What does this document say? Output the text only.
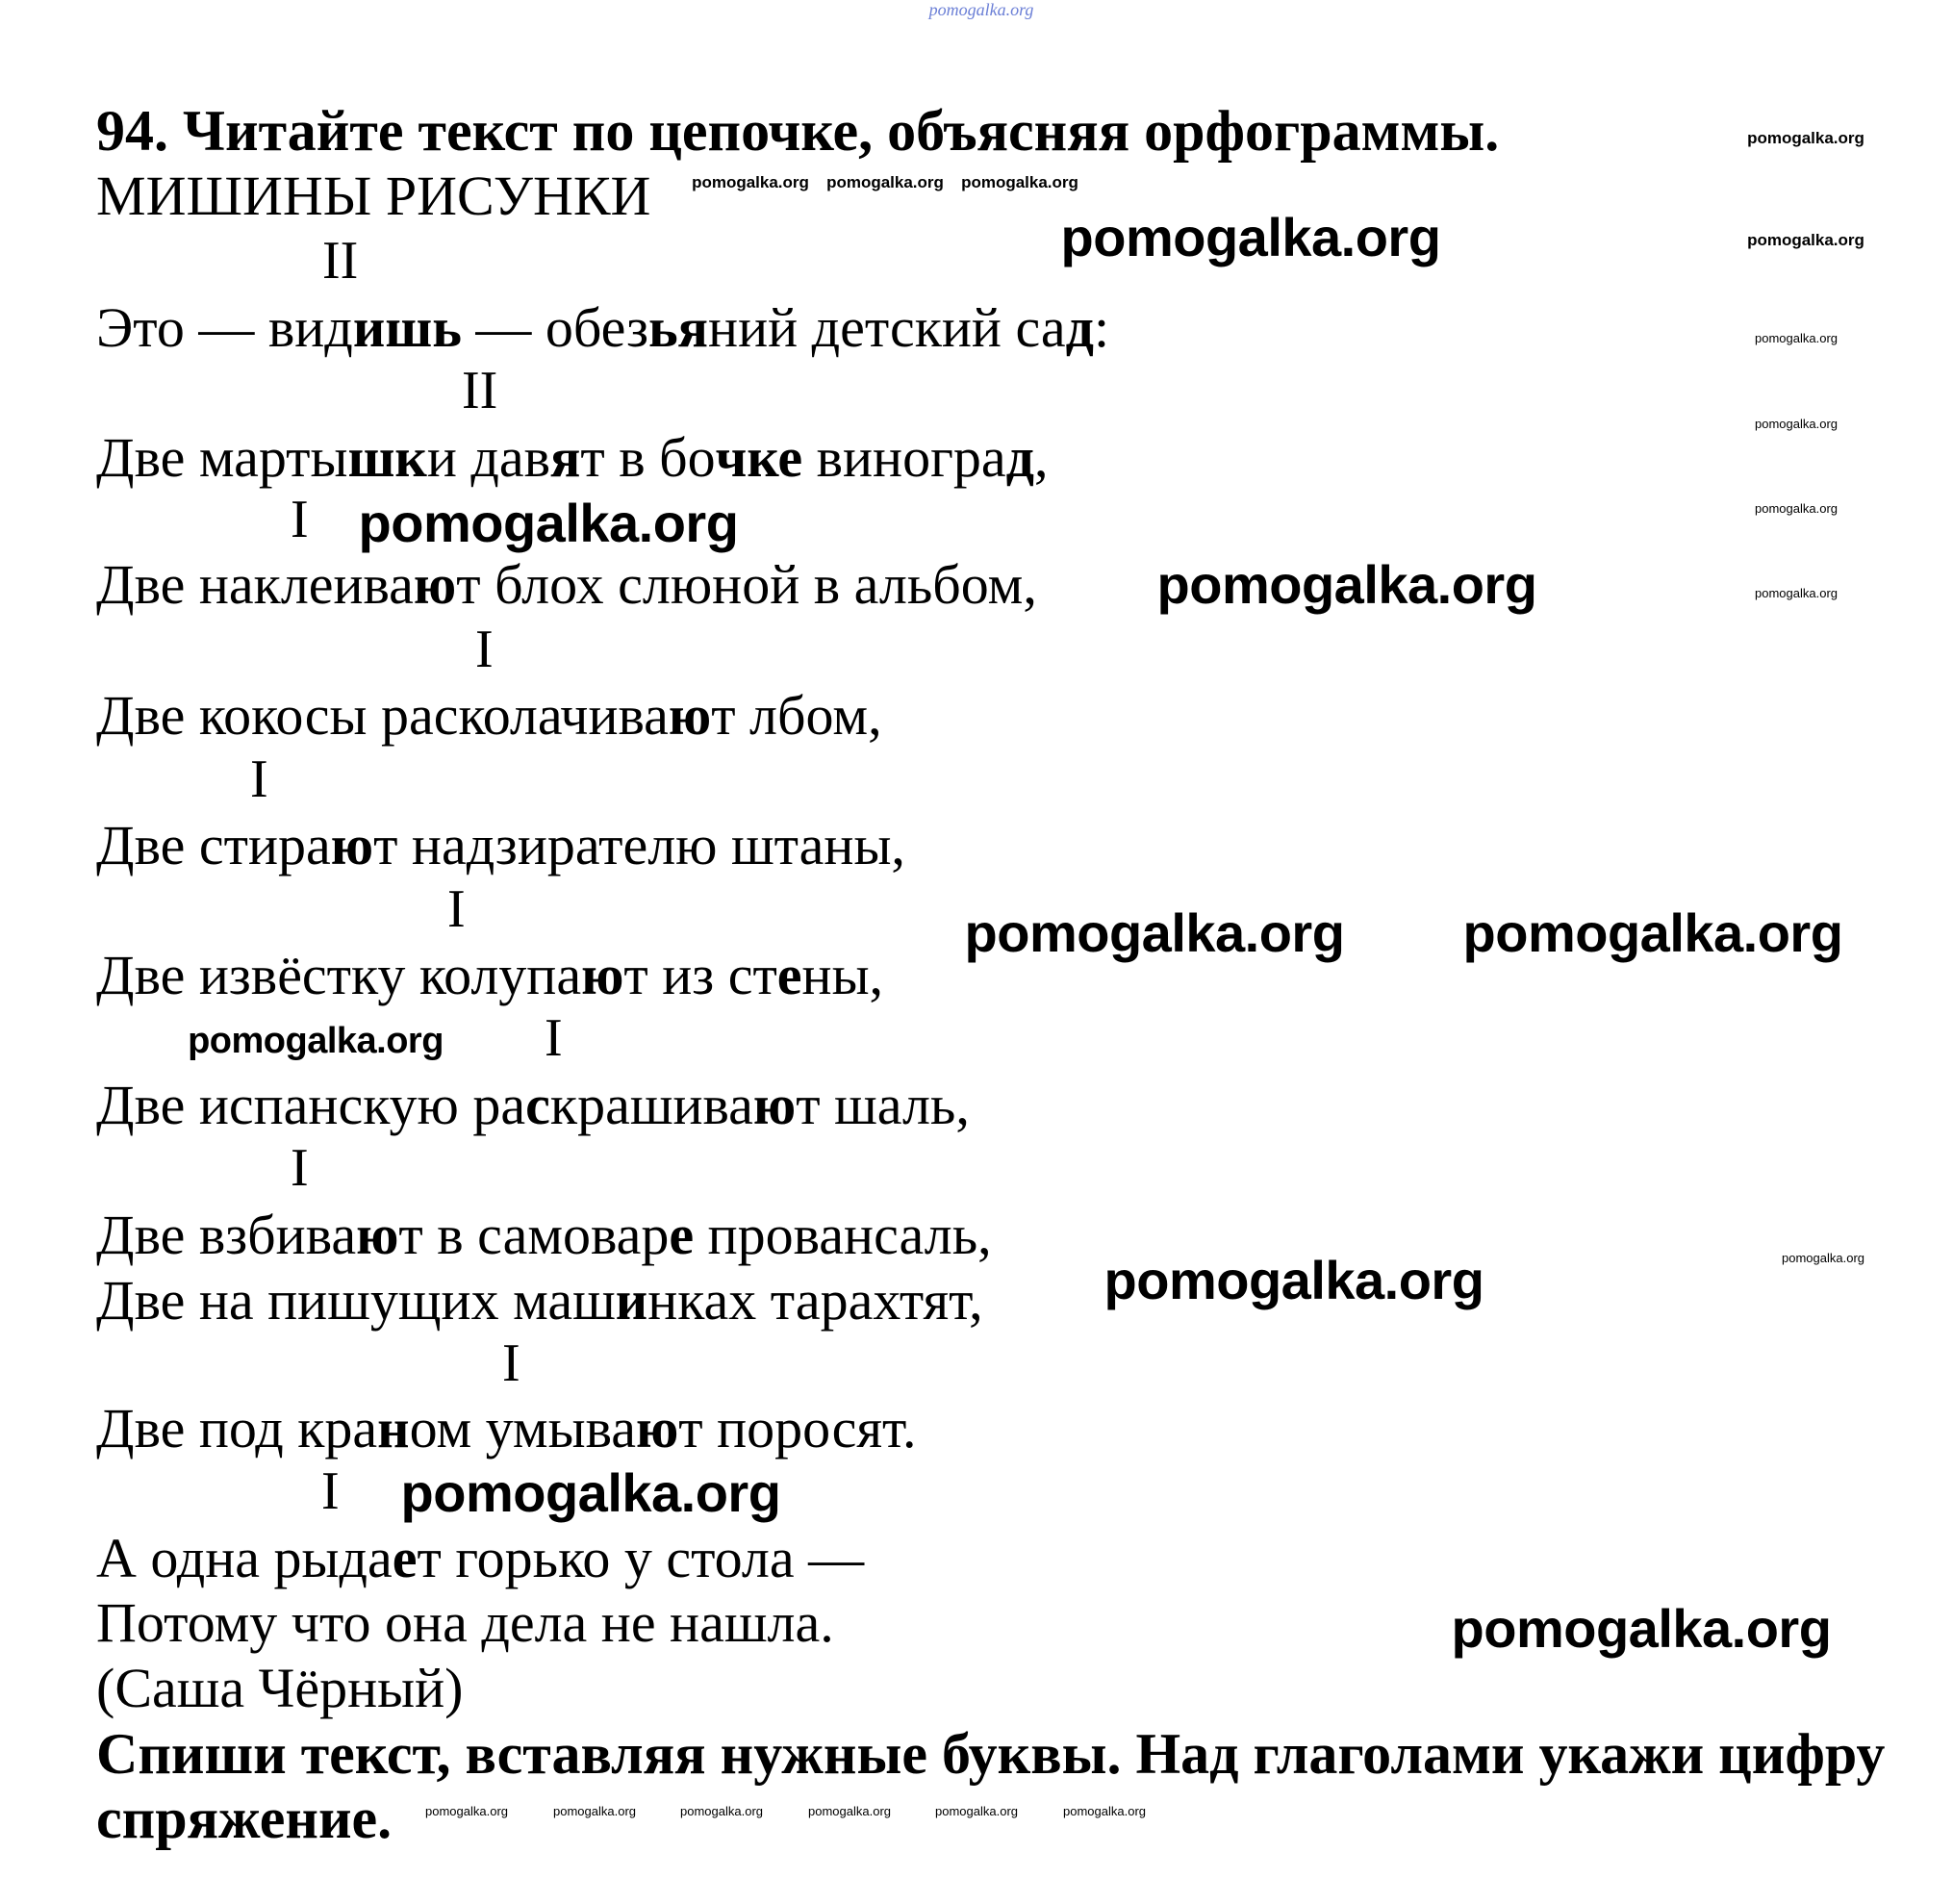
pomogalka.org
94. Читайте текст по цепочке, объясняя орфограммы.
pomogalka.org pomogalka.org pomogalka.org
МИШИНЫ РИСУНКИ
pomogalka.org
pomogalka.org
pomogalka.org
pomogalka.org
pomogalka.org
pomogalka.org
pomogalka.org
II
II
I
I
I
I
I
I
I
I
Это — видишь — обезьяний детский сад:
Две мартышки давят в бочке виноград,
Две наклеивают блох слюной в альбом,
Две кокосы расколачивают лбом,
Две стирают надзирателю штаны,
Две извёстку колупают из стены,
Две испанскую раскрашивают шаль,
Две взбивают в самоваре провансаль,
Две на пишущих машинках тарахтят,
Две под краном умывают поросят.
А одна рыдает горько у стола —
Потому что она дела не нашла.
(Саша Чёрный)
Спиши текст, вставляя нужные буквы. Над глаголами укажи цифру
спряжение.	pomogalka.org	pomogalka.org	pomogalka.org	pomogalka.org	pomogalka.org	pomogalka.org
pomogalka.org
pomogalka.org
pomogalka.org
pomogalka.org pomogalka.org
pomogalka.org
pomogalka.org
pomogalka.org
pomogalka.org
